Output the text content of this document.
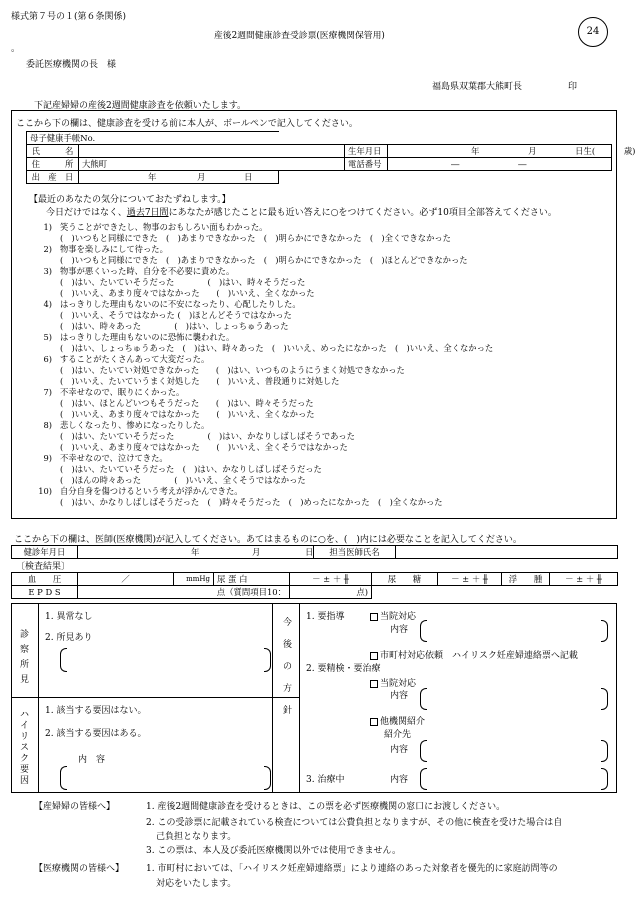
様式第７号の１(第６条関係)
産後2週間健康診査受診票(医療機関保管用)	24
。
委託医療機関の長　様
福島県双葉郡大熊町長	印
下記産婦婦の産後2週間健康診査を依頼いたします。
ここから下の欄は、健康診査を受ける前に本人が、ボールペンで記入してください。
母子健康手帳No.				
氏　　　名			生年月日	年 月 日生( 歳)
住　　　所	大熊町		電話番号	― ―
出　産　日	年 月 日			
【最近のあなたの気分についておたずねします。】
今日だけではなく、過去7日間にあなたが感じたことに最も近い答えに○をつけてください。必ず10項目全部答えてください。

1) 笑うことができたし、物事のおもしろい面もわかった。

(　)いつもと同様にできた　(　)あまりできなかった　(　)明らかにできなかった　(　)全くできなかった

2) 物事を楽しみにして待った。

(　)いつもと同様にできた　(　)あまりできなかった　(　)明らかにできなかった　(　)ほとんどできなかった

3) 物事が悪くいった時、自分を不必要に責めた。

(　)はい、たいていそうだった　　　　(　)はい、時々そうだった

(　)いいえ、あまり度々ではなかった　　(　)いいえ、全くなかった

4) はっきりした理由もないのに不安になったり、心配したりした。

(　)いいえ、そうではなかった (　)ほとんどそうではなかった

(　)はい、時々あった　　　　(　)はい、しょっちゅうあった

5) はっきりした理由もないのに恐怖に襲われた。

(　)はい、しょっちゅうあった　(　)はい、時々あった　(　)いいえ、めったになかった　(　)いいえ、全くなかった

6) することがたくさんあって大変だった。

(　)はい、たいてい対処できなかった　　(　)はい、いつものようにうまく対処できなかった

(　)いいえ、たいていうまく対処した　　(　)いいえ、普段通りに対処した

7) 不幸せなので、眠りにくかった。

(　)はい、ほとんどいつもそうだった　　(　)はい、時々そうだった

(　)いいえ、あまり度々ではなかった　　(　)いいえ、全くなかった

8) 悲しくなったり、惨めになったりした。

(　)はい、たいていそうだった　　　　(　)はい、かなりしばしばそうであった

(　)いいえ、あまり度々ではなかった　　(　)いいえ、全くそうではなかった

9) 不幸せなので、泣けてきた。

(　)はい、たいていそうだった　(　)はい、かなりしばしばそうだった

(　)ほんの時々あった　　　　(　)いいえ、全くそうではなかった

10) 自分自身を傷つけるという考えが浮かんできた。

(　)はい、かなりしばしばそうだった　(　)時々そうだった　(　)めったになかった　(　)全くなかった

ここから下の欄は、医師(医療機関)が記入してください。あてはまるものに○を、(　)内には必要なことを記入してください。
健診年月日	年	月	日	担当医師氏名	
〔検査結果〕
血　　圧	／	mmHg	尿 蛋 白	－ ± ＋ ╫	尿　　糖	－ ± ＋ ╫	浮　　腫	－ ± ＋ ╫
E P D S	点（質問項目10：			点)				
診察所見
1. 異常なし
2. 所見あり
ハイリスク要因
1. 該当する要因はない。
2. 該当する要因はある。
内　容
今後の方針
1. 要指導	当院対応
内容
市町村対応依頼　ハイリスク妊産婦連絡票へ記載
2. 要精検・要治療
当院対応
内容
他機関紹介
紹介先
内容
3. 治療中	内容
【産婦婦の皆様へ】	1. 産後2週間健康診査を受けるときは、この票を必ず医療機関の窓口にお渡しください。
2. この受診票に記載されている検査については公費負担となりますが、その他に検査を受けた場合は自
己負担となります。
3. この票は、本人及び委託医療機関以外では使用できません。
【医療機関の皆様へ】 1. 市町村においては、「ハイリスク妊産婦連絡票」により連絡のあった対象者を優先的に家庭訪問等の
対応をいたします。
